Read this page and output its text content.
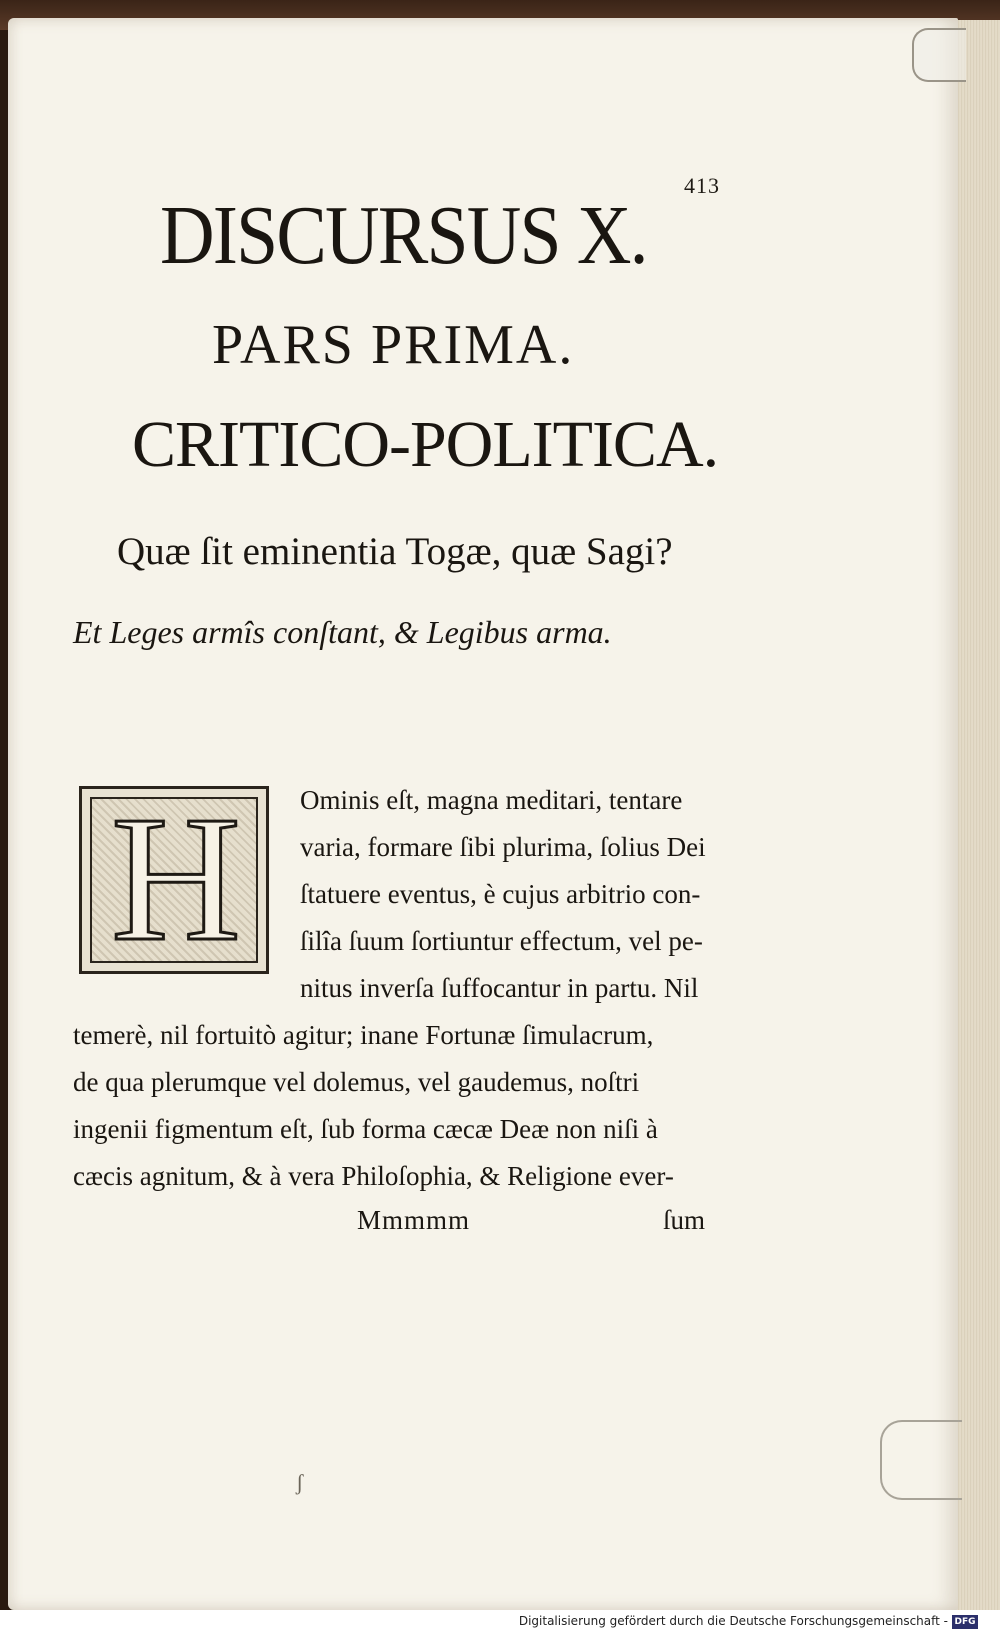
413
DISCURSUS X.
PARS PRIMA.
CRITICO-POLITICA.
Quæ ſit eminentia Togæ, quæ Sagi?
Et Leges armîs conſtant, & Legibus arma.
H	Ominis eſt, magna meditari, tentare
varia, formare ſibi plurima, ſolius Dei
ſtatuere eventus, è cujus arbitrio con-
ſilîa ſuum ſortiuntur effectum, vel pe-
nitus inverſa ſuffocantur in partu. Nil
temerè, nil fortuitò agitur; inane Fortunæ ſimulacrum,
de qua plerumque vel dolemus, vel gaudemus, noſtri
ingenii figmentum eſt, ſub forma cæcæ Deæ non niſi à
cæcis agnitum, & à vera Philoſophia, & Religione ever-
Mmmmm	ſum
ʃ
Digitalisierung gefördert durch die Deutsche Forschungsgemeinschaft - DFG
